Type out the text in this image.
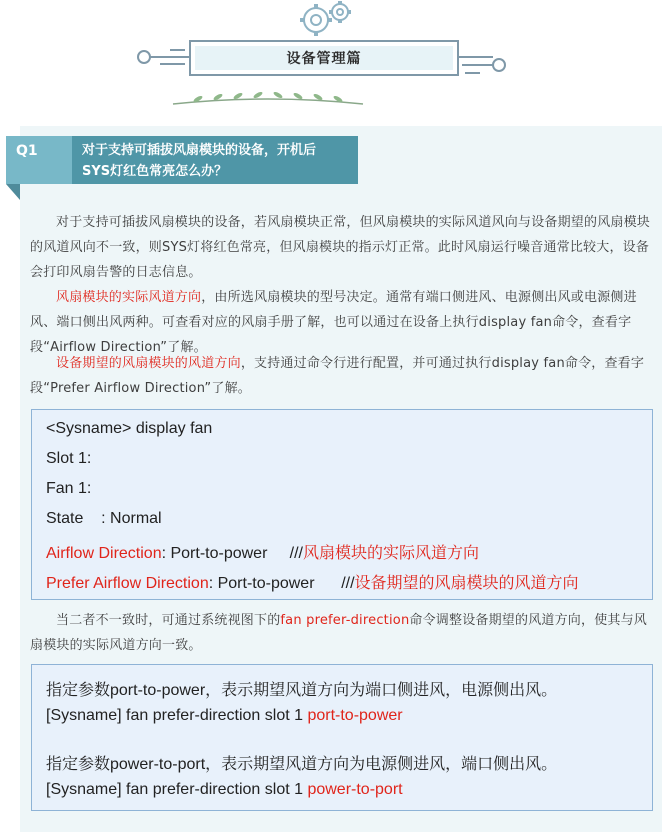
设备管理篇
Q1	对于支持可插拔风扇模块的设备，开机后
SYS灯红色常亮怎么办？

对于支持可插拔风扇模块的设备，若风扇模块正常，但风扇模块的实际风道风向与设备期望的风扇模块的风道风向不一致，则SYS灯将红色常亮，但风扇模块的指示灯正常。此时风扇运行噪音通常比较大，设备会打印风扇告警的日志信息。

风扇模块的实际风道方向，由所选风扇模块的型号决定。通常有端口侧进风、电源侧出风或电源侧进风、端口侧出风两种。可查看对应的风扇手册了解，也可以通过在设备上执行display fan命令，查看字段“Airflow Direction”了解。

设备期望的风扇模块的风道方向，支持通过命令行进行配置，并可通过执行display fan命令，查看字段“Prefer Airflow Direction”了解。

<Sysname> display fan
Slot 1:
Fan 1:
State    : Normal
Airflow Direction: Port-to-power ///风扇模块的实际风道方向
Prefer Airflow Direction: Port-to-power ///设备期望的风扇模块的风道方向

当二者不一致时，可通过系统视图下的fan prefer-direction命令调整设备期望的风道方向，使其与风扇模块的实际风道方向一致。

指定参数port-to-power，表示期望风道方向为端口侧进风，电源侧出风。
[Sysname] fan prefer-direction slot 1 port-to-power
指定参数power-to-port，表示期望风道方向为电源侧进风，端口侧出风。
[Sysname] fan prefer-direction slot 1 power-to-port
